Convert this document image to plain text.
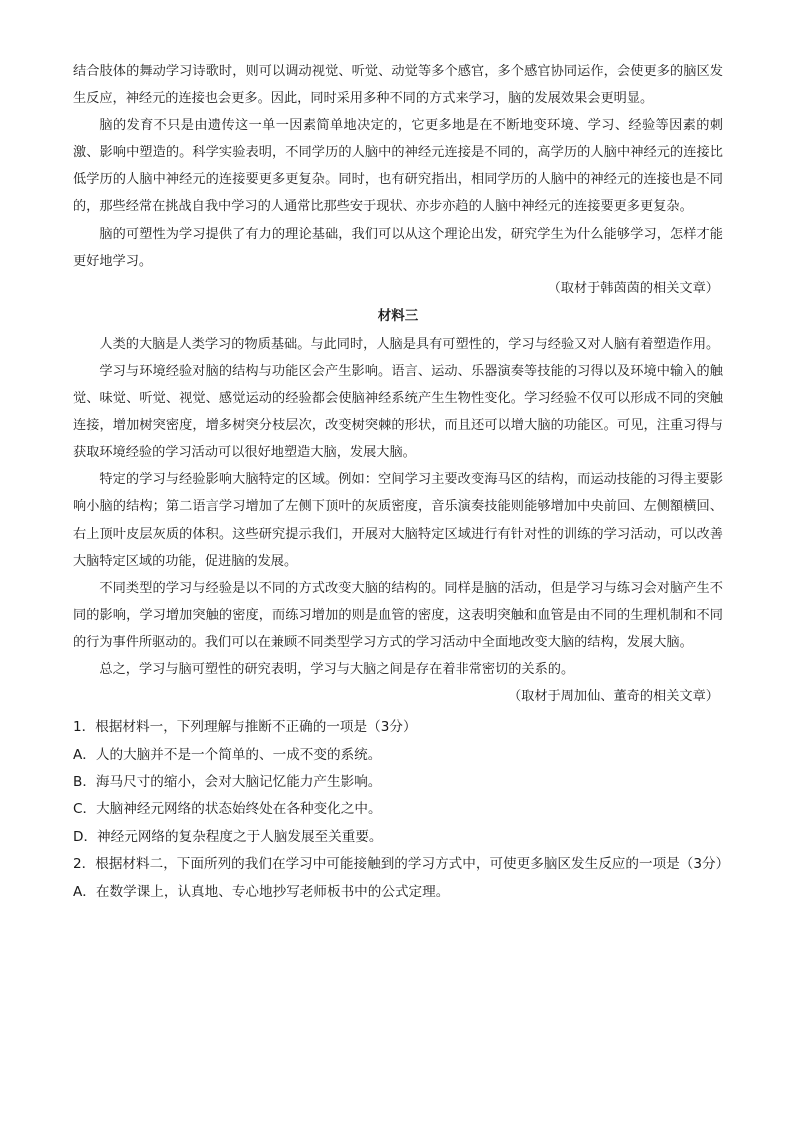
结合肢体的舞动学习诗歌时，则可以调动视觉、听觉、动觉等多个感官，多个感官协同运作，会使更多的脑区发生反应，神经元的连接也会更多。因此，同时采用多种不同的方式来学习，脑的发展效果会更明显。

脑的发育不只是由遗传这一单一因素简单地决定的，它更多地是在不断地变环境、学习、经验等因素的刺激、影响中塑造的。科学实验表明，不同学历的人脑中的神经元连接是不同的，高学历的人脑中神经元的连接比低学历的人脑中神经元的连接要更多更复杂。同时，也有研究指出，相同学历的人脑中的神经元的连接也是不同的，那些经常在挑战自我中学习的人通常比那些安于现状、亦步亦趋的人脑中神经元的连接要更多更复杂。

脑的可塑性为学习提供了有力的理论基础，我们可以从这个理论出发，研究学生为什么能够学习，怎样才能更好地学习。

（取材于韩茵茵的相关文章）
材料三

人类的大脑是人类学习的物质基础。与此同时，人脑是具有可塑性的，学习与经验又对人脑有着塑造作用。

学习与环境经验对脑的结构与功能区会产生影响。语言、运动、乐器演奏等技能的习得以及环境中输入的触觉、味觉、听觉、视觉、感觉运动的经验都会使脑神经系统产生生物性变化。学习经验不仅可以形成不同的突触连接，增加树突密度，增多树突分枝层次，改变树突棘的形状，而且还可以增大脑的功能区。可见，注重习得与获取环境经验的学习活动可以很好地塑造大脑，发展大脑。

特定的学习与经验影响大脑特定的区域。例如：空间学习主要改变海马区的结构，而运动技能的习得主要影响小脑的结构；第二语言学习增加了左侧下顶叶的灰质密度，音乐演奏技能则能够增加中央前回、左侧額横回、右上顶叶皮层灰质的体积。这些研究提示我们，开展对大脑特定区域进行有针对性的训练的学习活动，可以改善大脑特定区域的功能，促进脑的发展。

不同类型的学习与经验是以不同的方式改变大脑的结构的。同样是脑的活动，但是学习与练习会对脑产生不同的影响，学习增加突触的密度，而练习增加的则是血管的密度，这表明突触和血管是由不同的生理机制和不同的行为事件所驱动的。我们可以在兼顾不同类型学习方式的学习活动中全面地改变大脑的结构，发展大脑。

总之，学习与脑可塑性的研究表明，学习与大脑之间是存在着非常密切的关系的。

（取材于周加仙、董奇的相关文章）

1．根据材料一，下列理解与推断不正确的一项是（3分）

A．人的大脑并不是一个简单的、一成不变的系统。

B．海马尺寸的缩小，会对大脑记忆能力产生影响。

C．大脑神经元网络的状态始终处在各种变化之中。

D．神经元网络的复杂程度之于人脑发展至关重要。

2．根据材料二，下面所列的我们在学习中可能接触到的学习方式中，可使更多脑区发生反应的一项是（3分）

A．在数学课上，认真地、专心地抄写老师板书中的公式定理。
